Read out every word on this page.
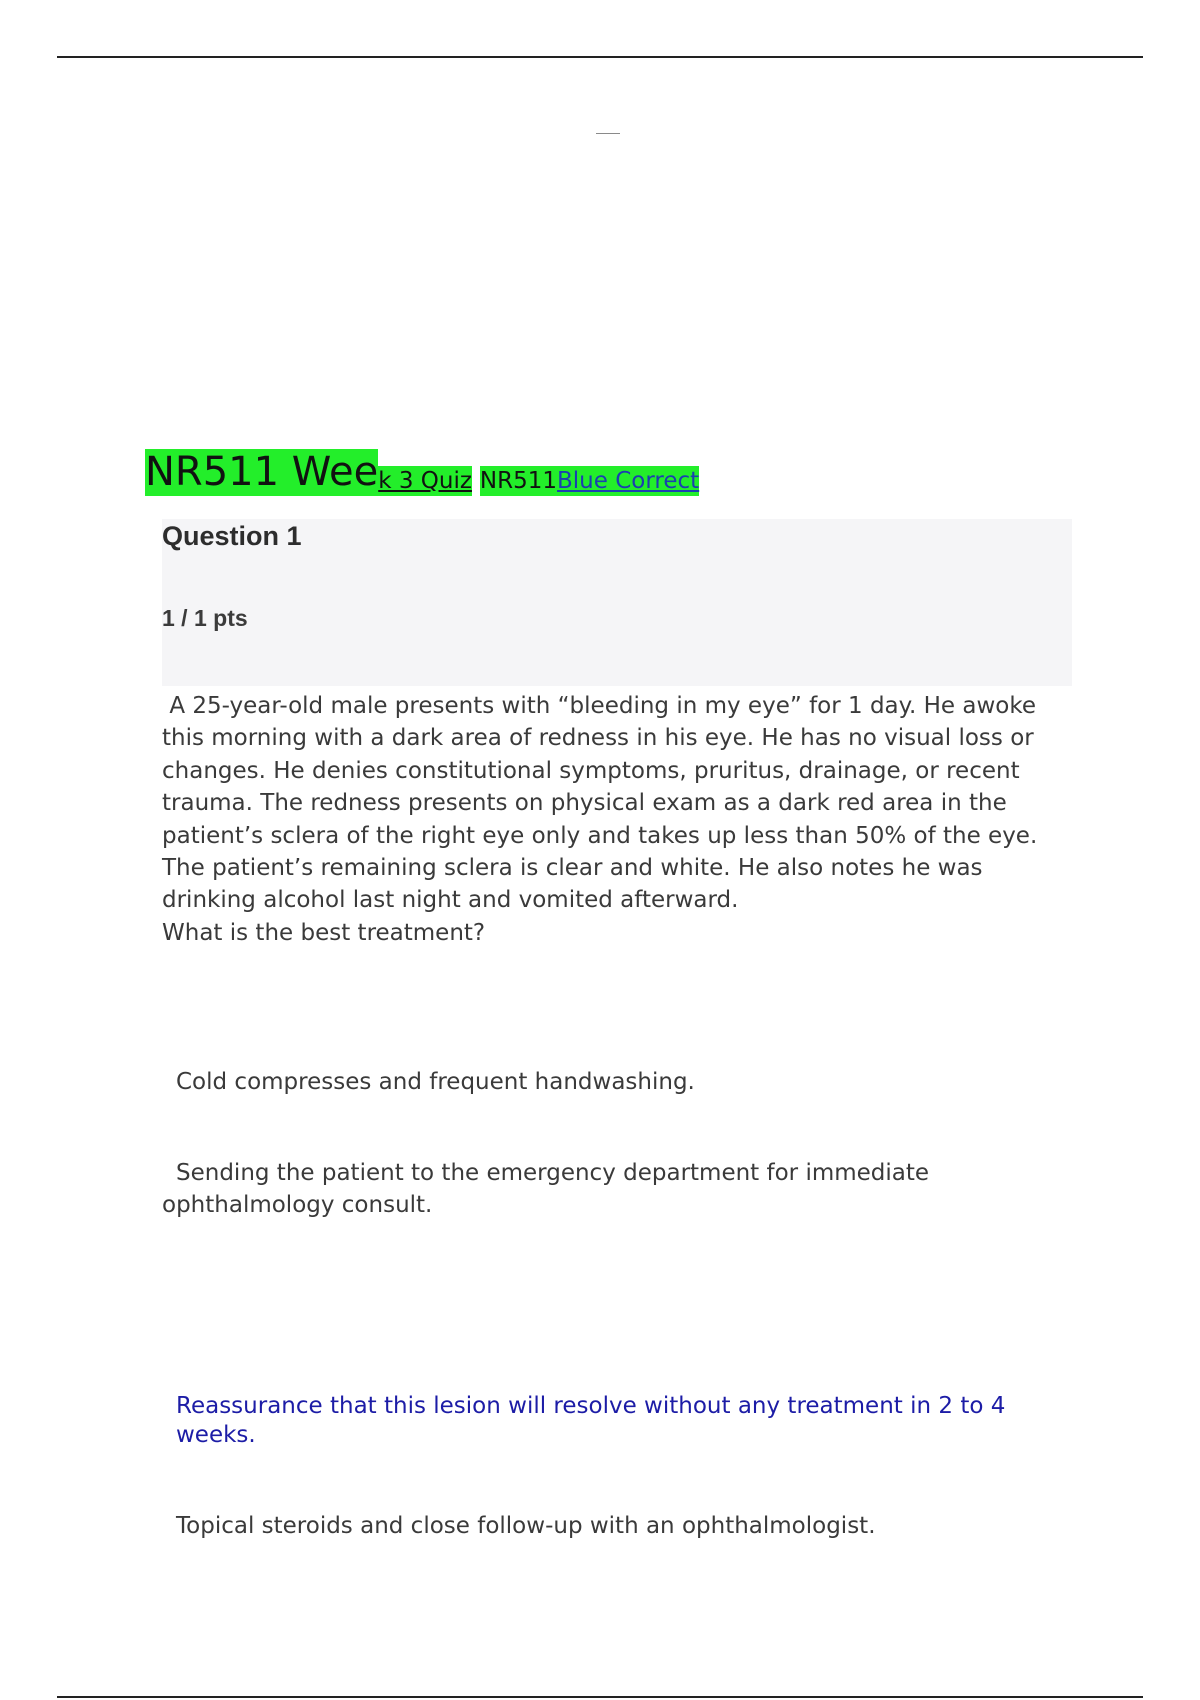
NR511 Week 3 QuizNR511Blue Correct
Question 1
1 / 1 pts

A 25-year-old male presents with “bleeding in my eye” for 1 day. He awoke this morning with a dark area of redness in his eye. He has no visual loss or changes. He denies constitutional symptoms, pruritus, drainage, or recent trauma. The redness presents on physical exam as a dark red area in the patient’s sclera of the right eye only and takes up less than 50% of the eye. The patient’s remaining sclera is clear and white. He also notes he was drinking alcohol last night and vomited afterward.

What is the best treatment?

Cold compresses and frequent handwashing.
Sending the patient to the emergency department for immediate ophthalmology consult.
Reassurance that this lesion will resolve without any treatment in 2 to 4 weeks.
Topical steroids and close follow-up with an ophthalmologist.
